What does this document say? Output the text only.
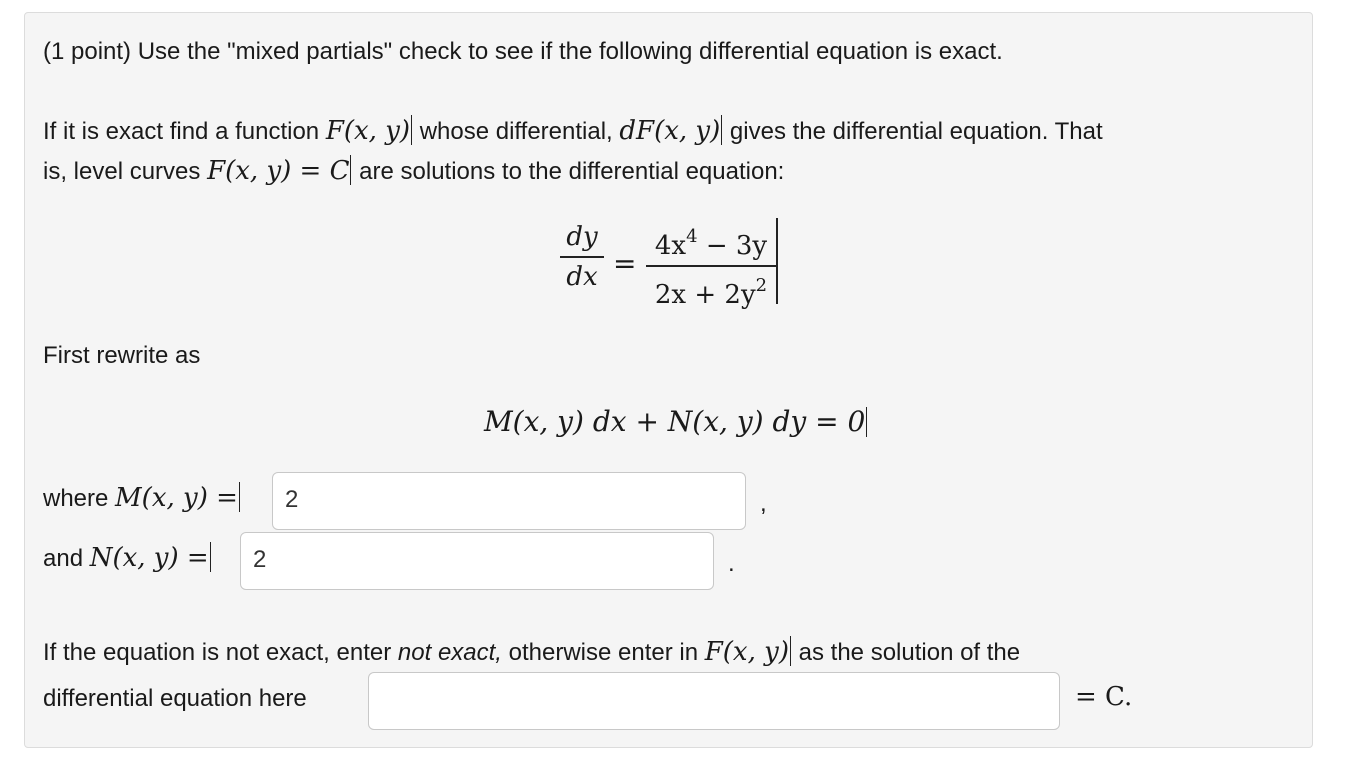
(1 point) Use the "mixed partials" check to see if the following differential equation is exact.
If it is exact find a function F(x, y) whose differential, dF(x, y) gives the differential equation. That
is, level curves F(x, y) = C are solutions to the differential equation:
dy
dx =
$4x^4 - 3y$
$2x + 2y^2$
First rewrite as
M(x, y) dx + N(x, y) dy = 0
where M(x, y) =	2	,
and N(x, y) =	2	.
If the equation is not exact, enter not exact, otherwise enter in F(x, y) as the solution of the
differential equation here	= C.
